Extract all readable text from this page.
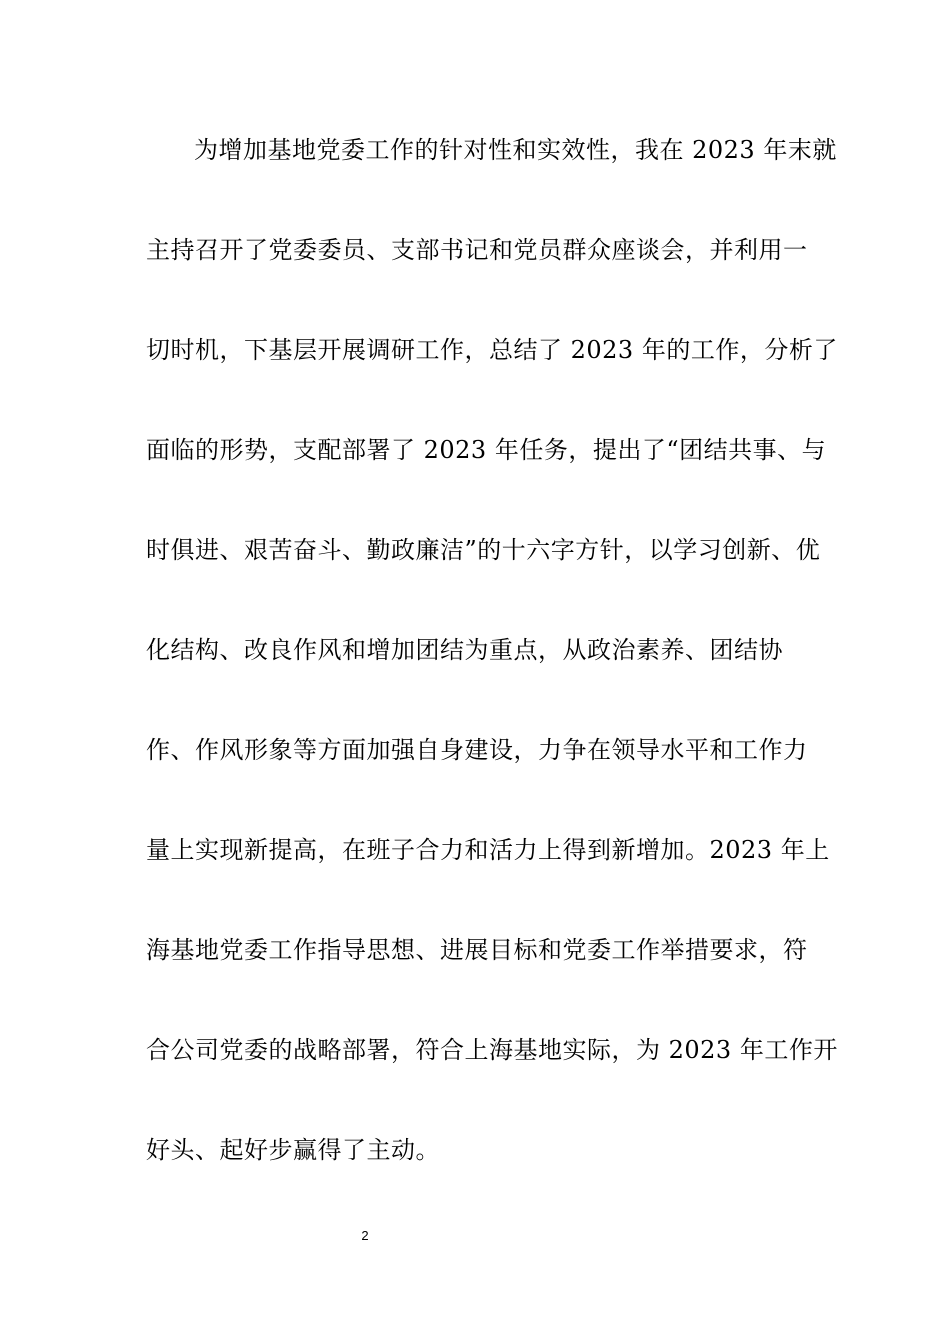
为增加基地党委工作的针对性和实效性，我在 2023 年末就
主持召开了党委委员、支部书记和党员群众座谈会，并利用一
切时机，下基层开展调研工作，总结了 2023 年的工作，分析了
面临的形势，支配部署了 2023 年任务，提出了“团结共事、与
时俱进、艰苦奋斗、勤政廉洁”的十六字方针，以学习创新、优
化结构、改良作风和增加团结为重点，从政治素养、团结协
作、作风形象等方面加强自身建设，力争在领导水平和工作力
量上实现新提高，在班子合力和活力上得到新增加。2023 年上
海基地党委工作指导思想、进展目标和党委工作举措要求，符
合公司党委的战略部署，符合上海基地实际，为 2023 年工作开
好头、起好步赢得了主动。
2
